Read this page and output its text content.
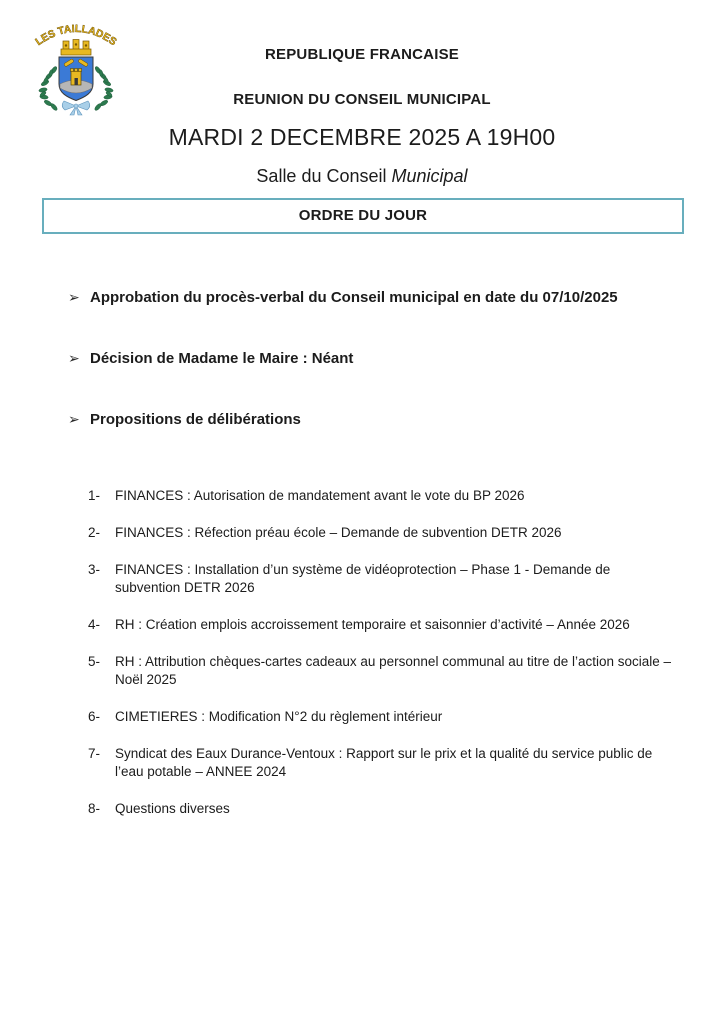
LES TAILLADES
REPUBLIQUE FRANCAISE
REUNION DU CONSEIL MUNICIPAL
MARDI 2 DECEMBRE 2025 A 19H00
Salle du Conseil Municipal
ORDRE DU JOUR
➢ Approbation du procès-verbal du Conseil municipal en date du 07/10/2025
➢ Décision de Madame le Maire : Néant
➢ Propositions de délibérations
1-	FINANCES : Autorisation de mandatement avant le vote du BP 2026
2-	FINANCES : Réfection préau école – Demande de subvention DETR 2026
3-	FINANCES : Installation d’un système de vidéoprotection – Phase 1 - Demande de subvention DETR 2026
4-	RH : Création emplois accroissement temporaire et saisonnier d’activité – Année 2026
5-	RH : Attribution chèques-cartes cadeaux au personnel communal au titre de l’action sociale – Noël 2025
6-	CIMETIERES : Modification N°2 du règlement intérieur
7-	Syndicat des Eaux Durance-Ventoux : Rapport sur le prix et la qualité du service public de l’eau potable – ANNEE 2024
8-	Questions diverses
